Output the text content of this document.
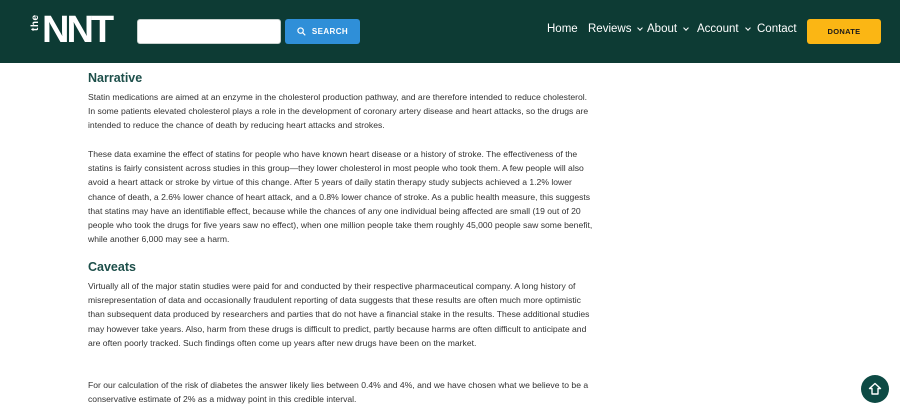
the NNT	SEARCH	Home Reviews About Account Contact	DONATE
Narrative

Statin medications are aimed at an enzyme in the cholesterol production pathway, and are therefore intended to reduce cholesterol. In some patients elevated cholesterol plays a role in the development of coronary artery disease and heart attacks, so the drugs are intended to reduce the chance of death by reducing heart attacks and strokes.

These data examine the effect of statins for people who have known heart disease or a history of stroke. The effectiveness of the statins is fairly consistent across studies in this group—they lower cholesterol in most people who took them. A few people will also avoid a heart attack or stroke by virtue of this change. After 5 years of daily statin therapy study subjects achieved a 1.2% lower chance of death, a 2.6% lower chance of heart attack, and a 0.8% lower chance of stroke. As a public health measure, this suggests that statins may have an identifiable effect, because while the chances of any one individual being affected are small (19 out of 20 people who took the drugs for five years saw no effect), when one million people take them roughly 45,000 people saw some benefit, while another 6,000 may see a harm.

Caveats

Virtually all of the major statin studies were paid for and conducted by their respective pharmaceutical company. A long history of misrepresentation of data and occasionally fraudulent reporting of data suggests that these results are often much more optimistic than subsequent data produced by researchers and parties that do not have a financial stake in the results. These additional studies may however take years. Also, harm from these drugs is difficult to predict, partly because harms are often difficult to anticipate and are often poorly tracked. Such findings often come up years after new drugs have been on the market.

For our calculation of the risk of diabetes the answer likely lies between 0.4% and 4%, and we have chosen what we believe to be a conservative estimate of 2% as a midway point in this credible interval.
